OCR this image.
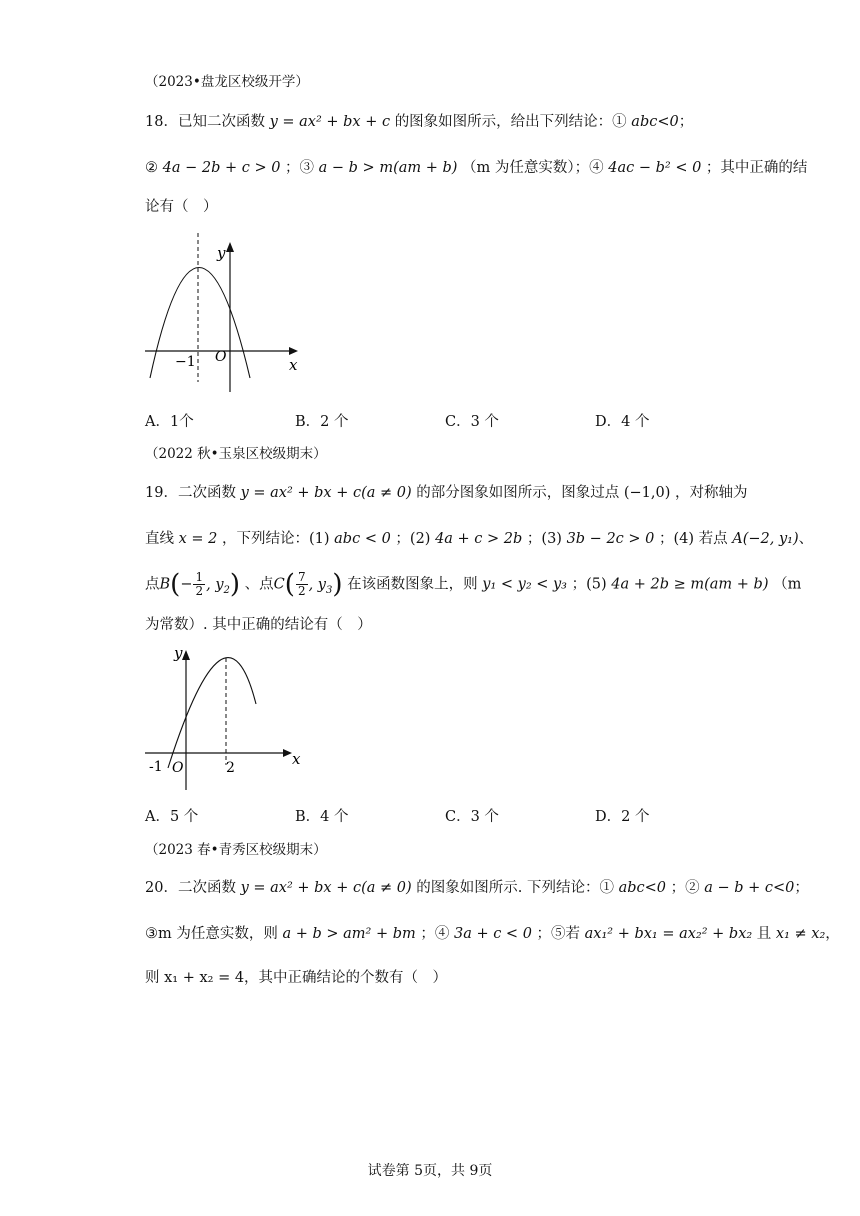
（2023•盘龙区校级开学）
18．已知二次函数 y = ax² + bx + c 的图象如图所示，给出下列结论：① abc<0；
② 4a − 2b + c > 0 ；③ a − b > m(am + b) （m 为任意实数）；④ 4ac − b² < 0 ；其中正确的结
论有（　）
y
x
O
−1
A．1个	B．2 个	C．3 个	D．4 个
（2022 秋•玉泉区校级期末）
19．二次函数 y = ax² + bx + c(a ≠ 0) 的部分图象如图所示，图象过点 (−1,0) ，对称轴为
直线 x = 2 ，下列结论：(1) abc < 0 ；(2) 4a + c > 2b ；(3) 3b − 2c > 0 ；(4) 若点 A(−2, y₁)、
点$B(- \frac{1}{2}$ , $y_2$) 、点$C( \frac{7}{2}$ , $y_3$) 在该函数图象上，则 y₁ < y₂ < y₃ ；(5) 4a + 2b ≥ m(am + b) （m
为常数）. 其中正确的结论有（　）
y
x
-1 O	2
A．5 个	B．4 个	C．3 个	D．2 个
（2023 春•青秀区校级期末）
20．二次函数 y = ax² + bx + c(a ≠ 0) 的图象如图所示. 下列结论：① abc<0 ；② a − b + c<0；
③m 为任意实数，则 a + b > am² + bm ；④ 3a + c < 0 ；⑤若 ax₁² + bx₁ = ax₂² + bx₂ 且 x₁ ≠ x₂，
则 x₁ + x₂ = 4，其中正确结论的个数有（　）
试卷第 5页，共 9页
